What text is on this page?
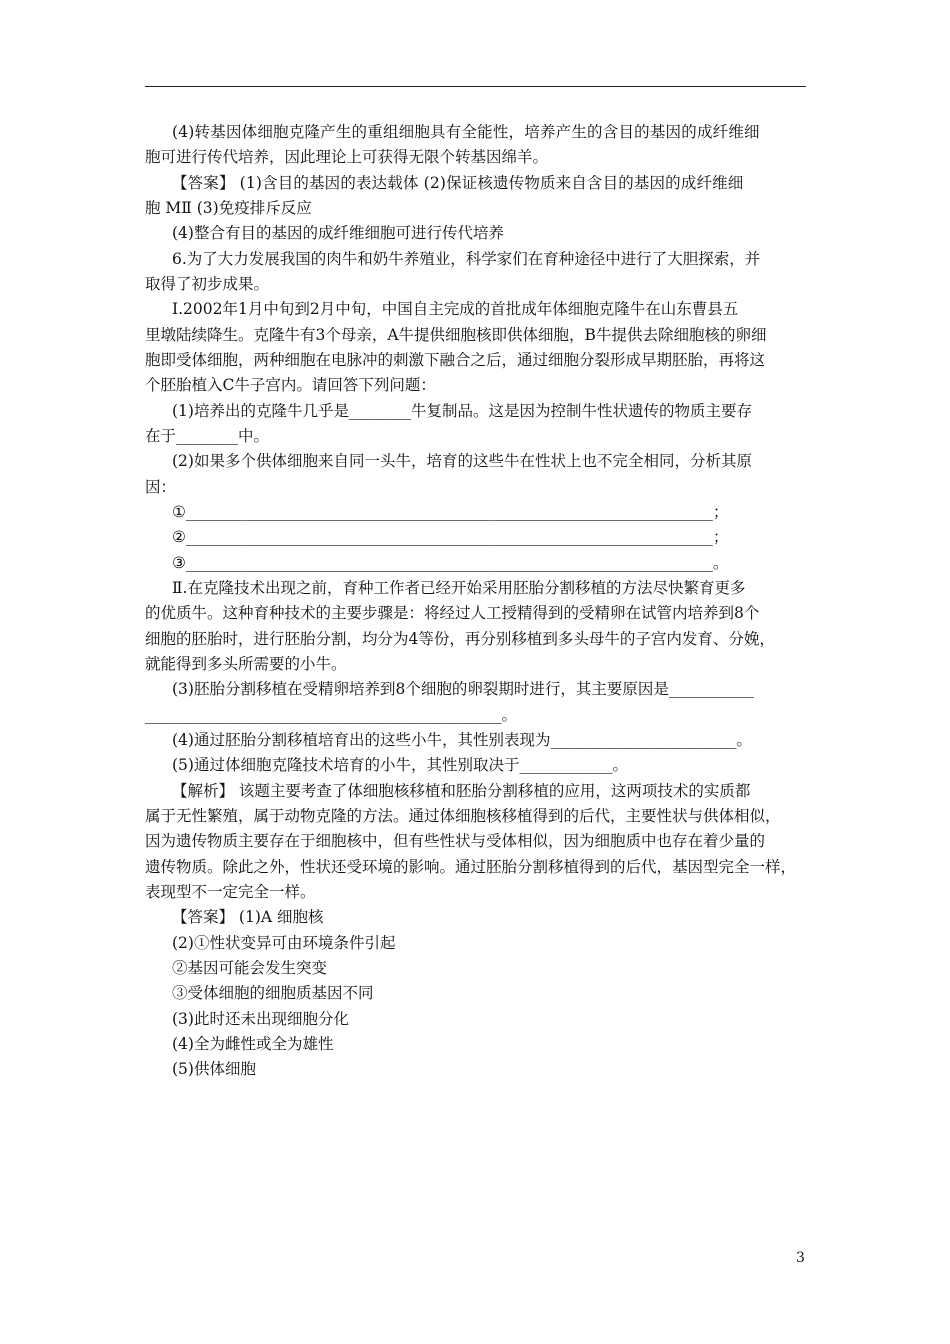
(4)转基因体细胞克隆产生的重组细胞具有全能性，培养产生的含目的基因的成纤维细
胞可进行传代培养，因此理论上可获得无限个转基因绵羊。
【答案】 (1)含目的基因的表达载体 (2)保证核遗传物质来自含目的基因的成纤维细
胞 MⅡ (3)免疫排斥反应
(4)整合有目的基因的成纤维细胞可进行传代培养
6.为了大力发展我国的肉牛和奶牛养殖业，科学家们在育种途径中进行了大胆探索，并
取得了初步成果。
Ⅰ.2002年1月中旬到2月中旬，中国自主完成的首批成年体细胞克隆牛在山东曹县五
里墩陆续降生。克隆牛有3个母亲，A牛提供细胞核即供体细胞，B牛提供去除细胞核的卵细
胞即受体细胞，两种细胞在电脉冲的刺激下融合之后，通过细胞分裂形成早期胚胎，再将这
个胚胎植入C牛子宫内。请回答下列问题：
(1)培养出的克隆牛几乎是________牛复制品。这是因为控制牛性状遗传的物质主要存
在于________中。
(2)如果多个供体细胞来自同一头牛，培育的这些牛在性状上也不完全相同，分析其原
因：
①____________________________________________________________________；
②____________________________________________________________________；
③____________________________________________________________________。
Ⅱ.在克隆技术出现之前，育种工作者已经开始采用胚胎分割移植的方法尽快繁育更多
的优质牛。这种育种技术的主要步骤是：将经过人工授精得到的受精卵在试管内培养到8个
细胞的胚胎时，进行胚胎分割，均分为4等份，再分别移植到多头母牛的子宫内发育、分娩，
就能得到多头所需要的小牛。
(3)胚胎分割移植在受精卵培养到8个细胞的卵裂期时进行，其主要原因是___________
______________________________________________。
(4)通过胚胎分割移植培育出的这些小牛，其性别表现为________________________。
(5)通过体细胞克隆技术培育的小牛，其性别取决于____________。
【解析】 该题主要考查了体细胞核移植和胚胎分割移植的应用，这两项技术的实质都
属于无性繁殖，属于动物克隆的方法。通过体细胞核移植得到的后代，主要性状与供体相似，
因为遗传物质主要存在于细胞核中，但有些性状与受体相似，因为细胞质中也存在着少量的
遗传物质。除此之外，性状还受环境的影响。通过胚胎分割移植得到的后代，基因型完全一样，
表现型不一定完全一样。
【答案】 (1)A 细胞核
(2)①性状变异可由环境条件引起
②基因可能会发生突变
③受体细胞的细胞质基因不同
(3)此时还未出现细胞分化
(4)全为雌性或全为雄性
(5)供体细胞
3
